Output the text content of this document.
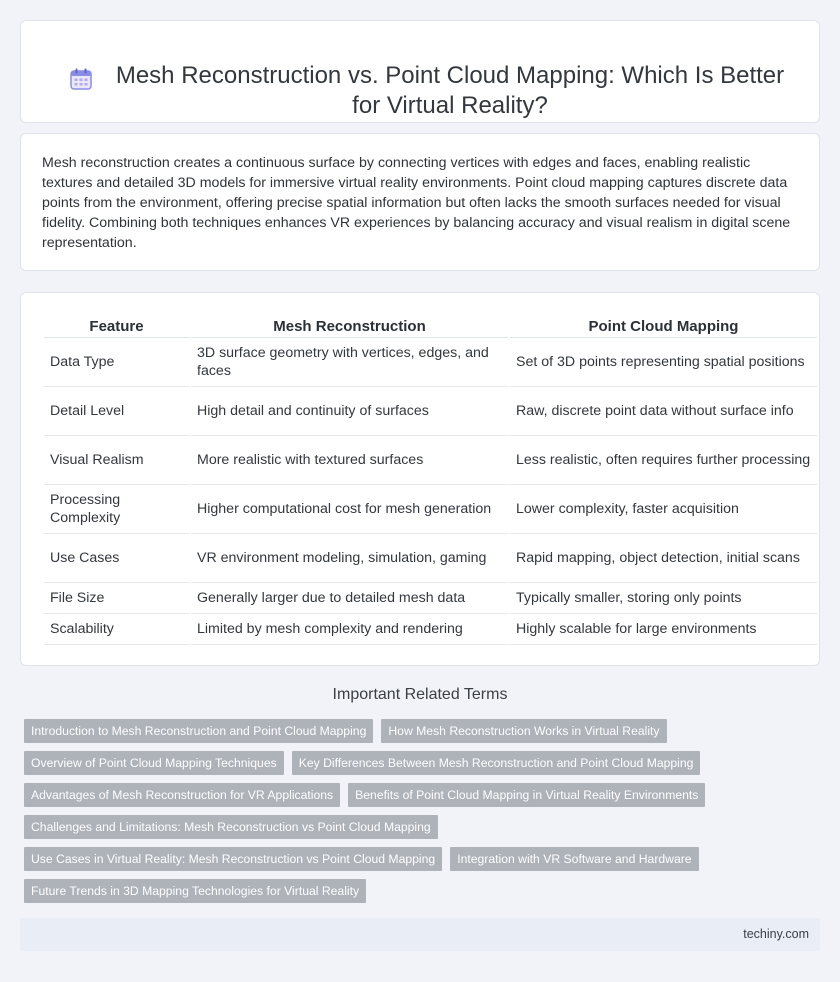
Mesh Reconstruction vs. Point Cloud Mapping: Which Is Better for Virtual Reality?

Mesh reconstruction creates a continuous surface by connecting vertices with edges and faces, enabling realistic textures and detailed 3D models for immersive virtual reality environments. Point cloud mapping captures discrete data points from the environment, offering precise spatial information but often lacks the smooth surfaces needed for visual fidelity. Combining both techniques enhances VR experiences by balancing accuracy and visual realism in digital scene representation.

Feature	Mesh Reconstruction	Point Cloud Mapping
Data Type	3D surface geometry with vertices, edges, and faces	Set of 3D points representing spatial positions
Detail Level	High detail and continuity of surfaces	Raw, discrete point data without surface info
Visual Realism	More realistic with textured surfaces	Less realistic, often requires further processing
Processing Complexity	Higher computational cost for mesh generation	Lower complexity, faster acquisition
Use Cases	VR environment modeling, simulation, gaming	Rapid mapping, object detection, initial scans
File Size	Generally larger due to detailed mesh data	Typically smaller, storing only points
Scalability	Limited by mesh complexity and rendering	Highly scalable for large environments
Important Related Terms
Introduction to Mesh Reconstruction and Point Cloud Mapping How Mesh Reconstruction Works in Virtual Reality
Overview of Point Cloud Mapping Techniques Key Differences Between Mesh Reconstruction and Point Cloud Mapping
Advantages of Mesh Reconstruction for VR Applications Benefits of Point Cloud Mapping in Virtual Reality Environments
Challenges and Limitations: Mesh Reconstruction vs Point Cloud Mapping
Use Cases in Virtual Reality: Mesh Reconstruction vs Point Cloud Mapping Integration with VR Software and Hardware
Future Trends in 3D Mapping Technologies for Virtual Reality
techiny.com
